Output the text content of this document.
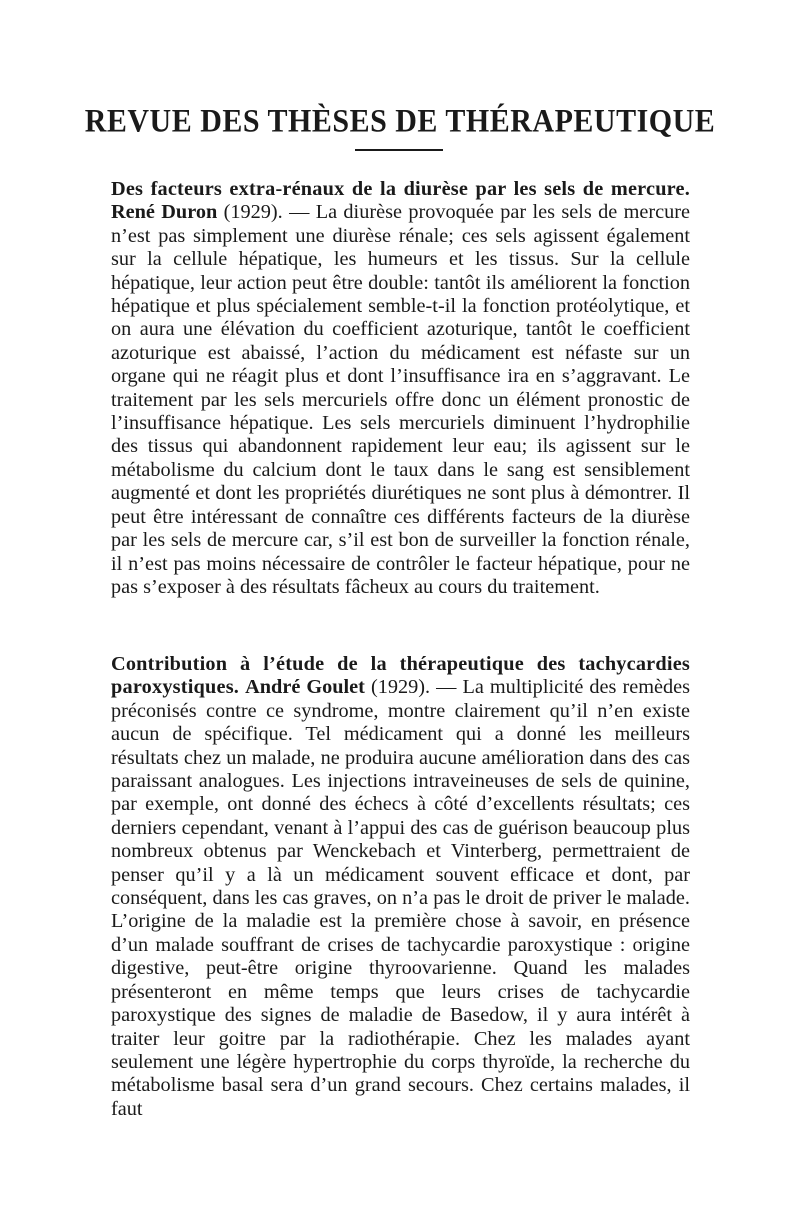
REVUE DES THÈSES DE THÉRAPEUTIQUE

Des facteurs extra-rénaux de la diurèse par les sels de mercure. René Duron (1929). — La diurèse provoquée par les sels de mercure n’est pas simplement une diurèse rénale; ces sels agissent également sur la cellule hépatique, les humeurs et les tissus. Sur la cellule hépatique, leur action peut être double: tantôt ils améliorent la fonction hépatique et plus spécialement semble-t-il la fonction protéolytique, et on aura une élévation du coefficient azoturique, tantôt le coefficient azoturique est abaissé, l’action du médicament est néfaste sur un organe qui ne réagit plus et dont l’insuffisance ira en s’aggravant. Le traitement par les sels mercuriels offre donc un élément pronostic de l’insuffisance hépatique. Les sels mercuriels diminuent l’hydrophilie des tissus qui abandonnent rapidement leur eau; ils agissent sur le métabolisme du calcium dont le taux dans le sang est sensiblement augmenté et dont les propriétés diurétiques ne sont plus à démontrer. Il peut être intéressant de connaître ces différents facteurs de la diurèse par les sels de mercure car, s’il est bon de surveiller la fonction rénale, il n’est pas moins nécessaire de contrôler le facteur hépatique, pour ne pas s’exposer à des résultats fâcheux au cours du traitement.

Contribution à l’étude de la thérapeutique des tachycardies paroxystiques. André Goulet (1929). — La multiplicité des remèdes préconisés contre ce syndrome, montre clairement qu’il n’en existe aucun de spécifique. Tel médicament qui a donné les meilleurs résultats chez un malade, ne produira aucune amélioration dans des cas paraissant analogues. Les injections intraveineuses de sels de quinine, par exemple, ont donné des échecs à côté d’excellents résultats; ces derniers cependant, venant à l’appui des cas de guérison beaucoup plus nombreux obtenus par Wenckebach et Vinterberg, permettraient de penser qu’il y a là un médicament souvent efficace et dont, par conséquent, dans les cas graves, on n’a pas le droit de priver le malade. L’origine de la maladie est la première chose à savoir, en présence d’un malade souffrant de crises de tachycardie paroxystique : origine digestive, peut-être origine thyroovarienne. Quand les malades présenteront en même temps que leurs crises de tachycardie paroxystique des signes de maladie de Basedow, il y aura intérêt à traiter leur goitre par la radiothérapie. Chez les malades ayant seulement une légère hypertrophie du corps thyroïde, la recherche du métabolisme basal sera d’un grand secours. Chez certains malades, il faut
